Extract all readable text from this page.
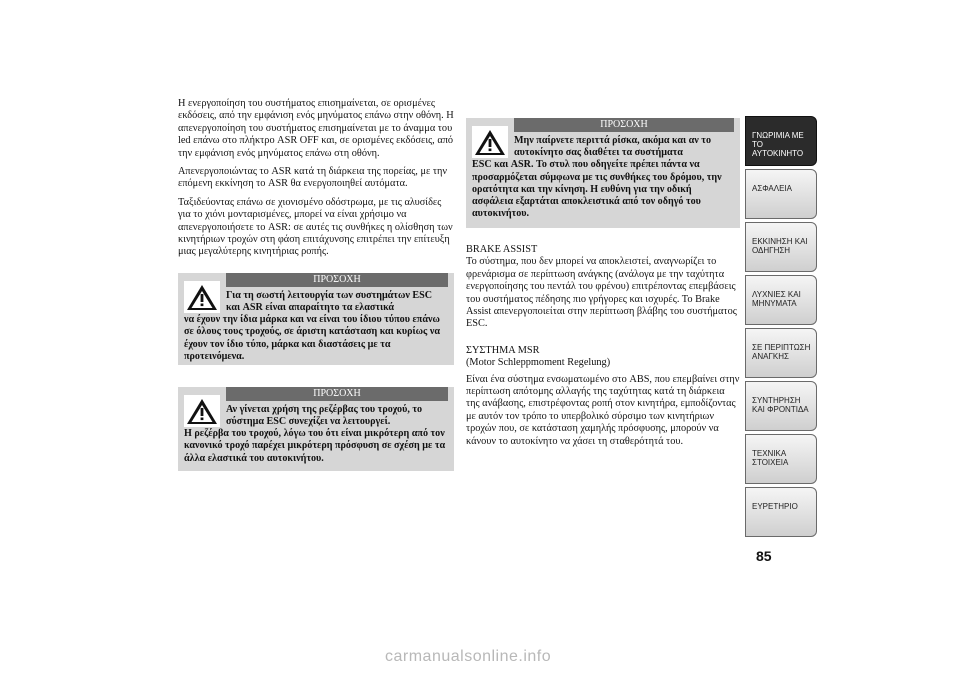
Η ενεργοποίηση του συστήματος επισημαίνεται, σε ορισμένες εκδόσεις, από την εμφάνιση ενός μηνύματος επάνω στην οθόνη. Η απενεργοποίηση του συστήματος επισημαίνεται με το άναμμα του led επάνω στο πλήκτρο ASR OFF και, σε ορισμένες εκδόσεις, από την εμφάνιση ενός μηνύματος επάνω στη οθόνη.

Απενεργοποιώντας το ASR κατά τη διάρκεια της πορείας, με την επόμενη εκκίνηση το ASR θα ενεργοποιηθεί αυτόματα.

Ταξιδεύοντας επάνω σε χιονισμένο οδόστρωμα, με τις αλυσίδες για το χιόνι μονταρισμένες, μπορεί να είναι χρήσιμο να απενεργοποιήσετε το ASR: σε αυτές τις συνθήκες η ολίσθηση των κινητήριων τροχών στη φάση επιτάχυνσης επιτρέπει την επίτευξη μιας μεγαλύτερης κινητήριας ροπής.

ΠΡΟΣΟΧΗ
Για τη σωστή λειτουργία των συστημάτων ESC και ASR είναι απαραίτητο τα ελαστικά
να έχουν την ίδια μάρκα και να είναι του ίδιου τύπου επάνω σε όλους τους τροχούς, σε άριστη κατάσταση και κυρίως να έχουν τον ίδιο τύπο, μάρκα και διαστάσεις με τα προτεινόμενα.
ΠΡΟΣΟΧΗ
Αν γίνεται χρήση της ρεζέρβας του τροχού, το σύστημα ESC συνεχίζει να λειτουργεί.
Η ρεζέρβα του τροχού, λόγω του ότι είναι μικρότερη από τον κανονικό τροχό παρέχει μικρότερη πρόσφυση σε σχέση με τα άλλα ελαστικά του αυτοκινήτου.
ΠΡΟΣΟΧΗ
Μην παίρνετε περιττά ρίσκα, ακόμα και αν το αυτοκίνητο σας διαθέτει τα συστήματα
ESC και ASR. Το στυλ που οδηγείτε πρέπει πάντα να προσαρμόζεται σύμφωνα με τις συνθήκες του δρόμου, την ορατότητα και την κίνηση. Η ευθύνη για την οδική ασφάλεια εξαρτάται αποκλειστικά από τον οδηγό του αυτοκινήτου.

BRAKE ASSIST

Το σύστημα, που δεν μπορεί να αποκλειστεί, αναγνωρίζει το φρενάρισμα σε περίπτωση ανάγκης (ανάλογα με την ταχύτητα ενεργοποίησης του πεντάλ του φρένου) επιτρέποντας επεμβάσεις του συστήματος πέδησης πιο γρήγορες και ισχυρές. Το Brake Assist απενεργοποιείται στην περίπτωση βλάβης του συστήματος ESC.

ΣΥΣΤΗΜΑ MSR

(Motor Schleppmoment Regelung)

Είναι ένα σύστημα ενσωματωμένο στο ABS, που επεμβαίνει στην περίπτωση απότομης αλλαγής της ταχύτητας κατά τη διάρκεια της ανάβασης, επιστρέφοντας ροπή στον κινητήρα, εμποδίζοντας με αυτόν τον τρόπο το υπερβολικό σύρσιμο των κινητήριων τροχών που, σε κατάσταση χαμηλής πρόσφυσης, μπορούν να κάνουν το αυτοκίνητο να χάσει τη σταθερότητά του.

ΓΝΩΡΙΜΙΑ ΜΕ ΤΟ ΑΥΤΟΚΙΝΗΤΟ
ΑΣΦΑΛΕΙΑ
ΕΚΚΙΝΗΣΗ ΚΑΙ ΟΔΗΓΗΣΗ
ΛΥΧΝΙΕΣ ΚΑΙ ΜΗΝΥΜΑΤΑ
ΣΕ ΠΕΡΙΠΤΩΣΗ ΑΝΑΓΚΗΣ
ΣΥΝΤΗΡΗΣΗ ΚΑΙ ΦΡΟΝΤΙΔΑ
ΤΕΧΝΙΚΑ ΣΤΟΙΧΕΙΑ
ΕΥΡΕΤΗΡΙΟ
85
carmanualsonline.info
